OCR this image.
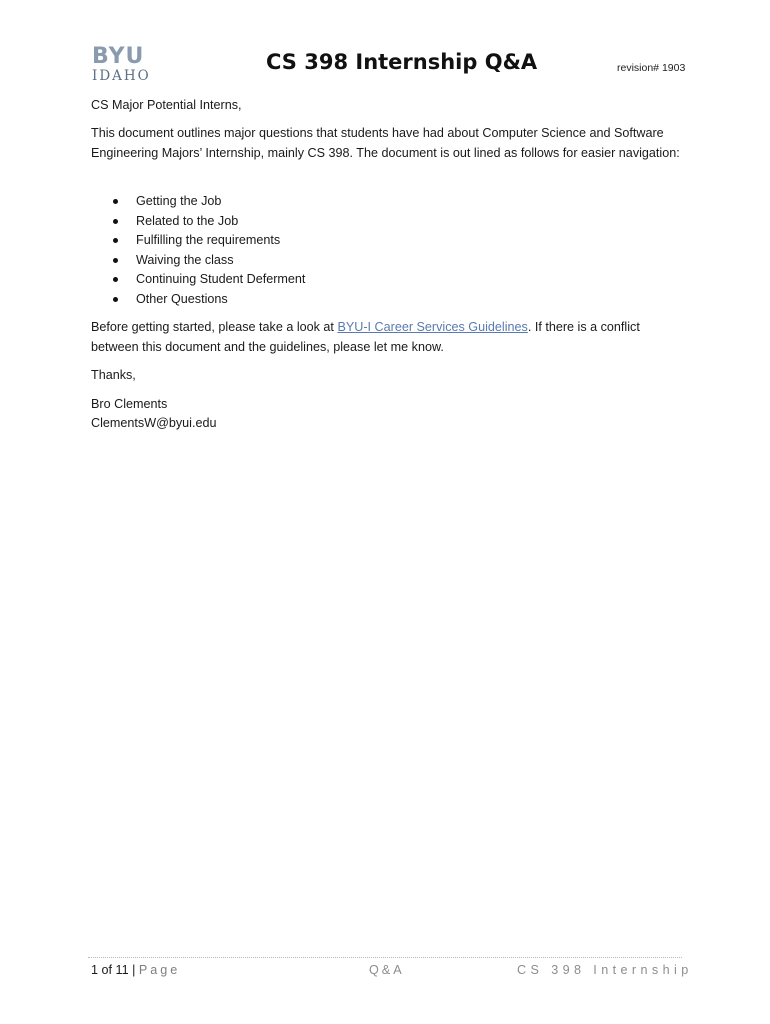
BYU
IDAHO
CS 398 Internship Q&A	revision# 1903
CS Major Potential Interns,
This document outlines major questions that students have had about Computer Science and Software Engineering Majors’ Internship, mainly CS 398. The document is out lined as follows for easier navigation:
Getting the Job
Related to the Job
Fulfilling the requirements
Waiving the class
Continuing Student Deferment
Other Questions
Before getting started, please take a look at BYU-I Career Services Guidelines. If there is a conflict between this document and the guidelines, please let me know.
Thanks,
Bro Clements
ClementsW@byui.edu
1 of 11 | Page	Q&A	CS 398 Internship
